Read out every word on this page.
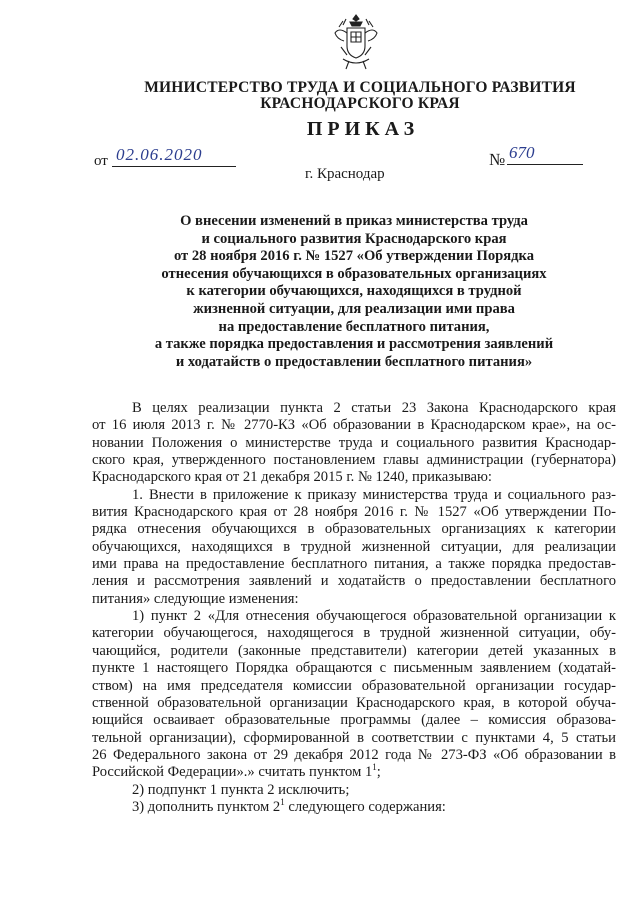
МИНИСТЕРСТВО ТРУДА И СОЦИАЛЬНОГО РАЗВИТИЯ
КРАСНОДАРСКОГО КРАЯ
ПРИКАЗ
от 02.06.2020	№ 670
г. Краснодар
О внесении изменений в приказ министерства труда
и социального развития Краснодарского края
от 28 ноября 2016 г. № 1527 «Об утверждении Порядка
отнесения обучающихся в образовательных организациях
к категории обучающихся, находящихся в трудной
жизненной ситуации, для реализации ими права
на предоставление бесплатного питания,
а также порядка предоставления и рассмотрения заявлений
и ходатайств о предоставлении бесплатного питания»

В целях реализации пункта 2 статьи 23 Закона Краснодарского края
от 16 июля 2013 г. № 2770-КЗ «Об образовании в Краснодарском крае», на ос-
новании Положения о министерстве труда и социального развития Краснодар-
ского края, утвержденного постановлением главы администрации (губернатора)
Краснодарского края от 21 декабря 2015 г. № 1240, приказываю:

1. Внести в приложение к приказу министерства труда и социального раз-
вития Краснодарского края от 28 ноября 2016 г. № 1527 «Об утверждении По-
рядка отнесения обучающихся в образовательных организациях к категории
обучающихся, находящихся в трудной жизненной ситуации, для реализации
ими права на предоставление бесплатного питания, а также порядка предостав-
ления и рассмотрения заявлений и ходатайств о предоставлении бесплатного
питания» следующие изменения:

1) пункт 2 «Для отнесения обучающегося образовательной организации к
категории обучающегося, находящегося в трудной жизненной ситуации, обу-
чающийся, родители (законные представители) категории детей указанных в
пункте 1 настоящего Порядка обращаются с письменным заявлением (ходатай-
ством) на имя председателя комиссии образовательной организации государ-
ственной образовательной организации Краснодарского края, в которой обуча-
ющийся осваивает образовательные программы (далее – комиссия образова-
тельной организации), сформированной в соответствии с пунктами 4, 5 статьи
26 Федерального закона от 29 декабря 2012 года № 273-ФЗ «Об образовании в
Российской Федерации».» считать пунктом $1^1$;

2) подпункт 1 пункта 2 исключить;

3) дополнить пунктом $2^1$ следующего содержания:
